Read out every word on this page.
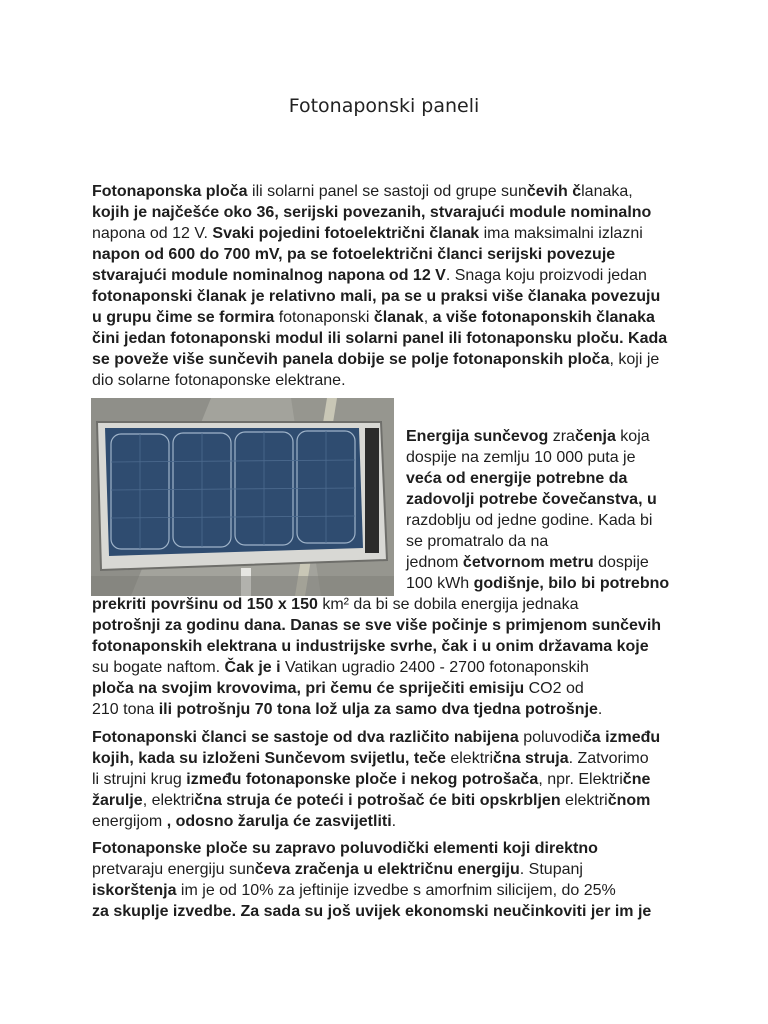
Fotonaponski paneli
Fotonaponska ploča ili solarni panel se sastoji od grupe sunčevih članaka,
kojih je najčešće oko 36, serijski povezanih, stvarajući module nominalno
napona od 12 V. Svaki pojedini fotoelektrični članak ima maksimalni izlazni
napon od 600 do 700 mV, pa se fotoelektrični članci serijski povezuje
stvarajući module nominalnog napona od 12 V. Snaga koju proizvodi jedan
fotonaponski članak je relativno mali, pa se u praksi više članaka povezuju
u grupu čime se formira fotonaponski članak, a više fotonaponskih članaka
čini jedan fotonaponski modul ili solarni panel ili fotonaponsku ploču. Kada
se poveže više sunčevih panela dobije se polje fotonaponskih ploča, koji je
dio solarne fotonaponske elektrane.
Energija sunčevog zračenja koja
dospije na zemlju 10 000 puta je
veća od energije potrebne da
zadovolji potrebe čovečanstva, u
razdoblju od jedne godine. Kada bi
se promatralo da na
jednom četvornom metru dospije
100 kWh godišnje, bilo bi potrebno
prekriti površinu od 150 x 150 km² da bi se dobila energija jednaka
potrošnji za godinu dana. Danas se sve više počinje s primjenom sunčevih
fotonaponskih elektrana u industrijske svrhe, čak i u onim državama koje
su bogate naftom. Čak je i Vatikan ugradio 2400 - 2700 fotonaponskih
ploča na svojim krovovima, pri čemu će spriječiti emisiju CO2 od
210 tona ili potrošnju 70 tona lož ulja za samo dva tjedna potrošnje.
Fotonaponski članci se sastoje od dva različito nabijena poluvodiča između
kojih, kada su izloženi Sunčevom svijetlu, teče električna struja. Zatvorimo
li strujni krug između fotonaponske ploče i nekog potrošača, npr. Električne
žarulje, električna struja će poteći i potrošač će biti opskrbljen električnom
energijom , odosno žarulja će zasvijetliti.
Fotonaponske ploče su zapravo poluvodički elementi koji direktno
pretvaraju energiju sunčeva zračenja u električnu energiju. Stupanj
iskorštenja im je od 10% za jeftinije izvedbe s amorfnim silicijem, do 25%
za skuplje izvedbe. Za sada su još uvijek ekonomski neučinkoviti jer im je
